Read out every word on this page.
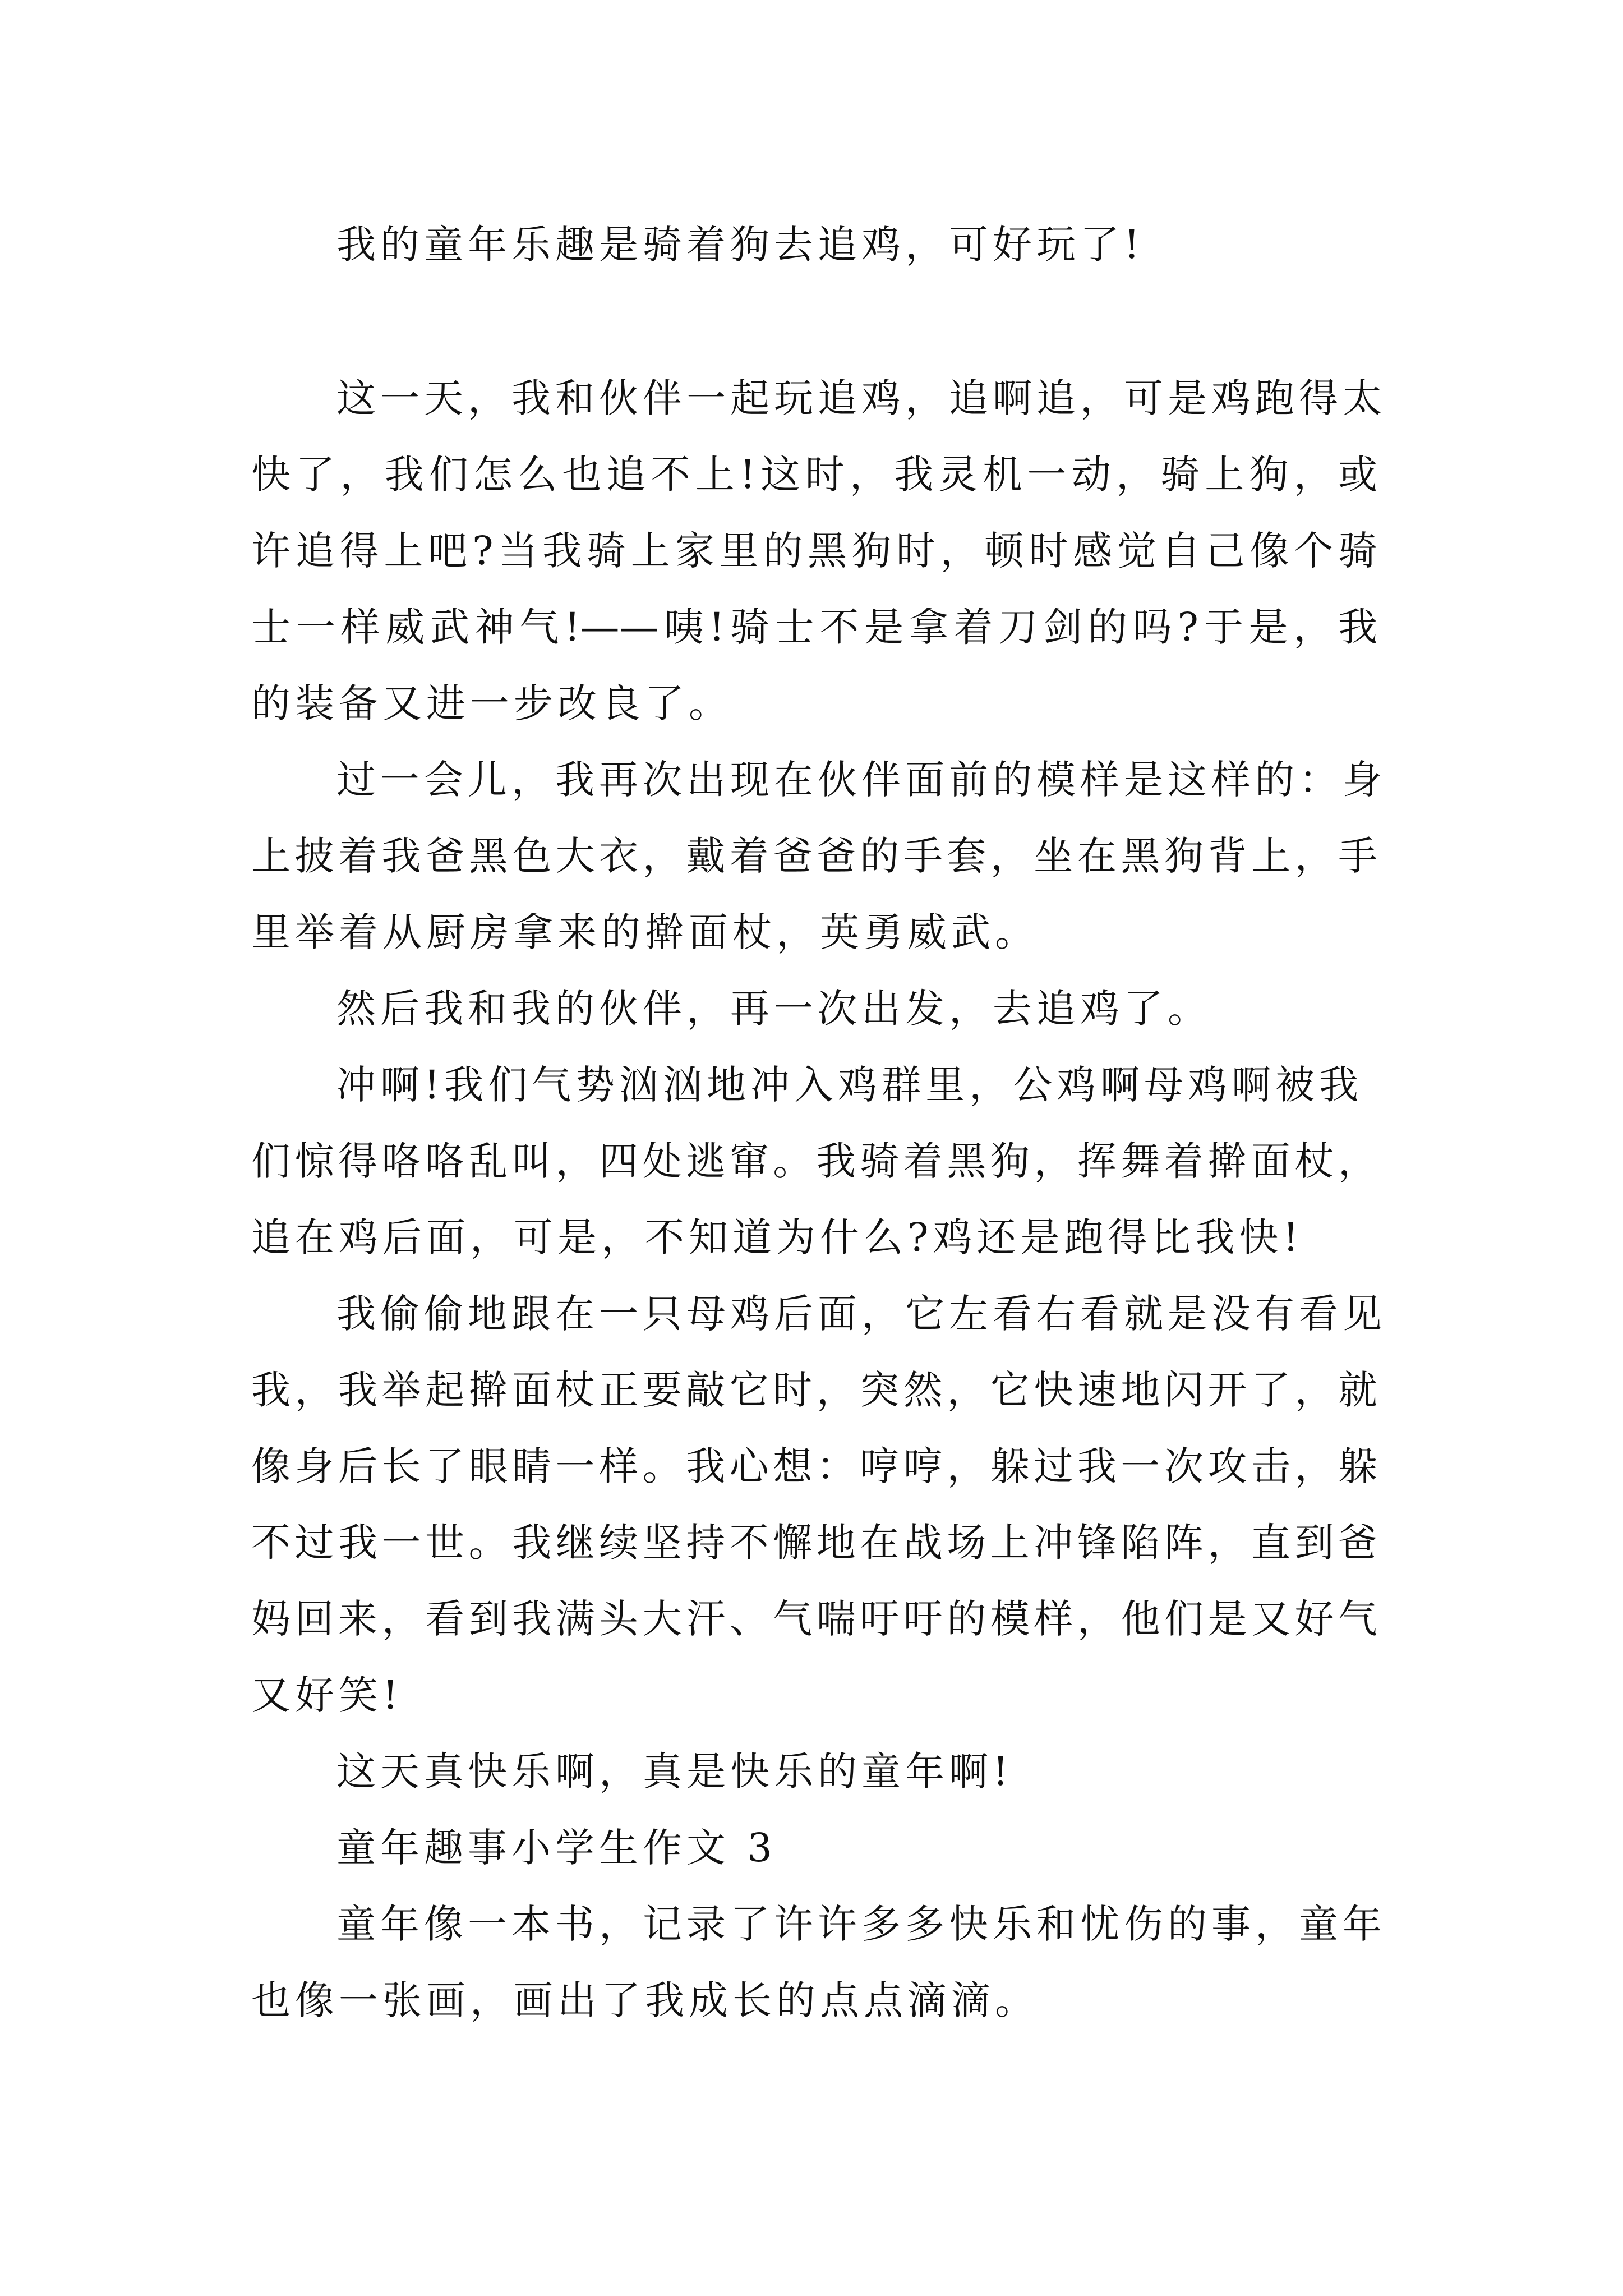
我的童年乐趣是骑着狗去追鸡，可好玩了!
这一天，我和伙伴一起玩追鸡，追啊追，可是鸡跑得太
快了，我们怎么也追不上!这时，我灵机一动，骑上狗，或
许追得上吧?当我骑上家里的黑狗时，顿时感觉自己像个骑
士一样威武神气!——咦!骑士不是拿着刀剑的吗?于是，我
的装备又进一步改良了。
过一会儿，我再次出现在伙伴面前的模样是这样的：身
上披着我爸黑色大衣，戴着爸爸的手套，坐在黑狗背上，手
里举着从厨房拿来的擀面杖，英勇威武。
然后我和我的伙伴，再一次出发，去追鸡了。
冲啊!我们气势汹汹地冲入鸡群里，公鸡啊母鸡啊被我
们惊得咯咯乱叫，四处逃窜。我骑着黑狗，挥舞着擀面杖，
追在鸡后面，可是，不知道为什么?鸡还是跑得比我快!
我偷偷地跟在一只母鸡后面，它左看右看就是没有看见
我，我举起擀面杖正要敲它时，突然，它快速地闪开了，就
像身后长了眼睛一样。我心想：哼哼，躲过我一次攻击，躲
不过我一世。我继续坚持不懈地在战场上冲锋陷阵，直到爸
妈回来，看到我满头大汗、气喘吁吁的模样，他们是又好气
又好笑!
这天真快乐啊，真是快乐的童年啊!
童年趣事小学生作文 3
童年像一本书，记录了许许多多快乐和忧伤的事，童年
也像一张画，画出了我成长的点点滴滴。
